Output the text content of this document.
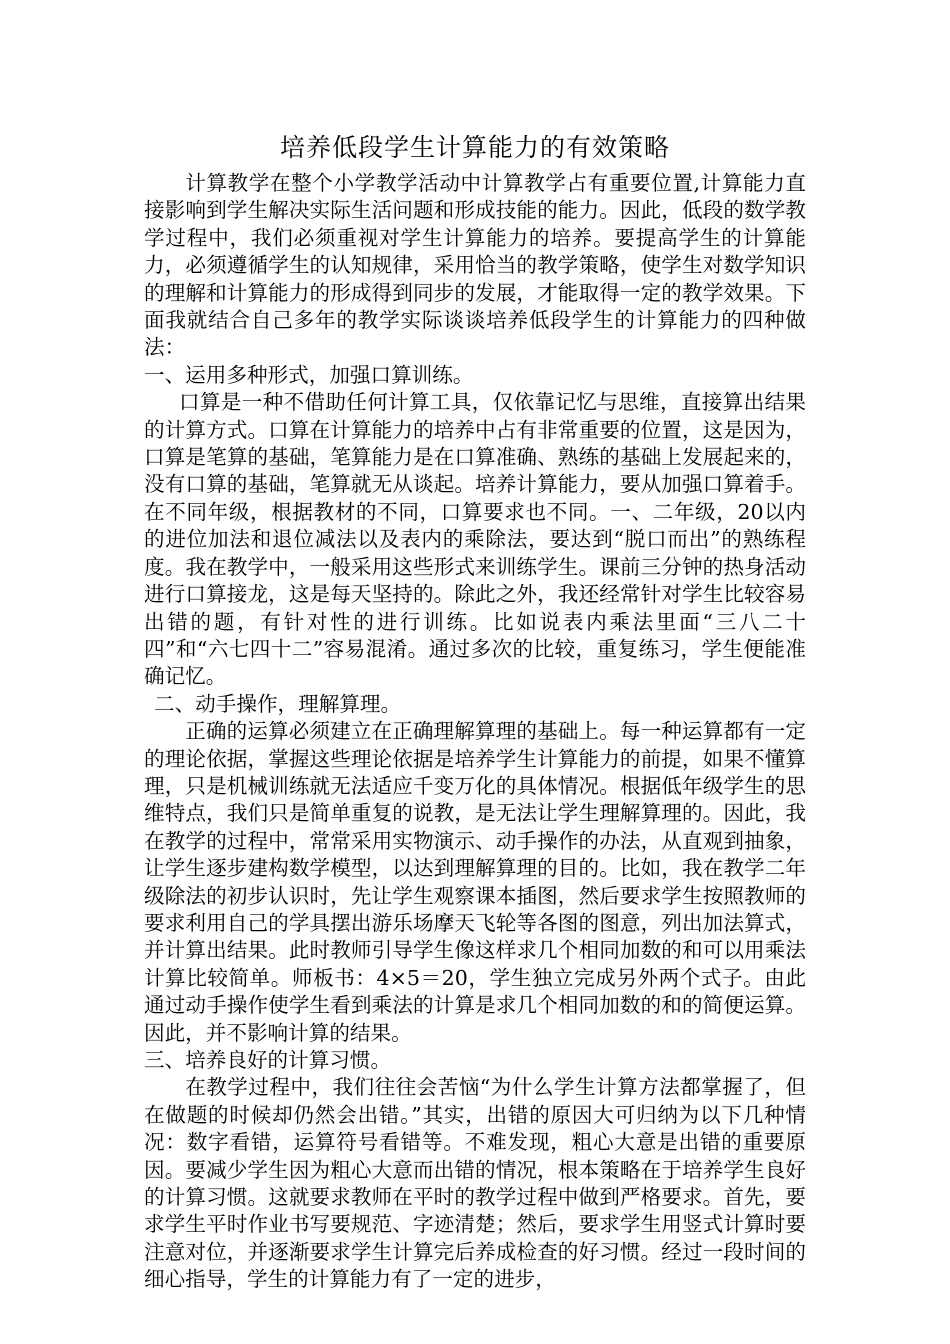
培养低段学生计算能力的有效策略

计算教学在整个小学教学活动中计算教学占有重要位置,计算能力直接影响到学生解决实际生活问题和形成技能的能力。因此，低段的数学教学过程中，我们必须重视对学生计算能力的培养。要提高学生的计算能力，必须遵循学生的认知规律，采用恰当的教学策略，使学生对数学知识的理解和计算能力的形成得到同步的发展，才能取得一定的教学效果。下面我就结合自己多年的教学实际谈谈培养低段学生的计算能力的四种做法：

一、运用多种形式，加强口算训练。

口算是一种不借助任何计算工具，仅依靠记忆与思维，直接算出结果的计算方式。口算在计算能力的培养中占有非常重要的位置，这是因为，口算是笔算的基础，笔算能力是在口算准确、熟练的基础上发展起来的，没有口算的基础，笔算就无从谈起。培养计算能力，要从加强口算着手。在不同年级，根据教材的不同，口算要求也不同。一、二年级，20以内的进位加法和退位减法以及表内的乘除法，要达到“脱口而出”的熟练程度。我在教学中，一般采用这些形式来训练学生。课前三分钟的热身活动进行口算接龙，这是每天坚持的。除此之外，我还经常针对学生比较容易出错的题，有针对性的进行训练。比如说表内乘法里面“三八二十四”和“六七四十二”容易混淆。通过多次的比较，重复练习，学生便能准确记忆。

二、动手操作，理解算理。

正确的运算必须建立在正确理解算理的基础上。每一种运算都有一定的理论依据，掌握这些理论依据是培养学生计算能力的前提，如果不懂算理，只是机械训练就无法适应千变万化的具体情况。根据低年级学生的思维特点，我们只是简单重复的说教，是无法让学生理解算理的。因此，我在教学的过程中，常常采用实物演示、动手操作的办法，从直观到抽象，让学生逐步建构数学模型，以达到理解算理的目的。比如，我在教学二年级除法的初步认识时，先让学生观察课本插图，然后要求学生按照教师的要求利用自己的学具摆出游乐场摩天飞轮等各图的图意，列出加法算式，并计算出结果。此时教师引导学生像这样求几个相同加数的和可以用乘法计算比较简单。师板书：4×5＝20，学生独立完成另外两个式子。由此通过动手操作使学生看到乘法的计算是求几个相同加数的和的简便运算。因此，并不影响计算的结果。

三、培养良好的计算习惯。

在教学过程中，我们往往会苦恼“为什么学生计算方法都掌握了，但在做题的时候却仍然会出错。”其实，出错的原因大可归纳为以下几种情况：数字看错，运算符号看错等。不难发现，粗心大意是出错的重要原因。要减少学生因为粗心大意而出错的情况，根本策略在于培养学生良好的计算习惯。这就要求教师在平时的教学过程中做到严格要求。首先，要求学生平时作业书写要规范、字迹清楚；然后，要求学生用竖式计算时要注意对位，并逐渐要求学生计算完后养成检查的好习惯。经过一段时间的细心指导，学生的计算能力有了一定的进步，
